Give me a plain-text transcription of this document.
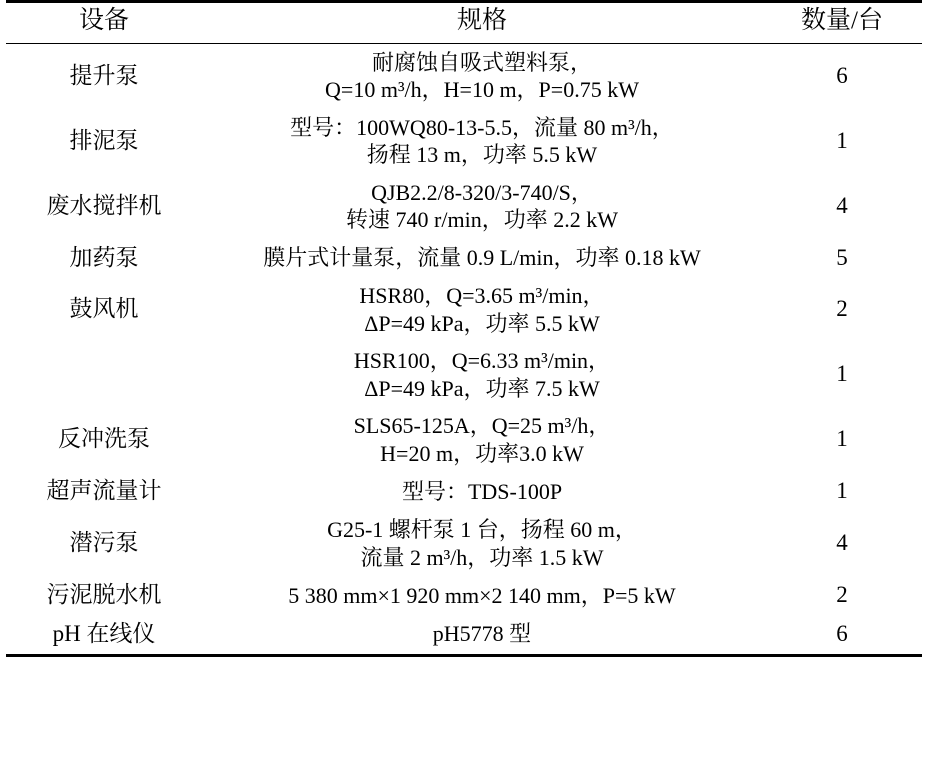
设备	规格	数量/台
提升泵	耐腐蚀自吸式塑料泵，
Q=10 m³/h，H=10 m，P=0.75 kW	6
排泥泵	型号：100WQ80-13-5.5，流量 80 m³/h，
扬程 13 m，功率 5.5 kW	1
废水搅拌机	QJB2.2/8-320/3-740/S，
转速 740 r/min，功率 2.2 kW	4
加药泵	膜片式计量泵，流量 0.9 L/min，功率 0.18 kW	5
鼓风机	HSR80，Q=3.65 m³/min，
ΔP=49 kPa，功率 5.5 kW	2

	HSR100，Q=6.33 m³/min，
ΔP=49 kPa，功率 7.5 kW	1
反冲洗泵	SLS65-125A，Q=25 m³/h，
H=20 m，功率3.0 kW	1
超声流量计	型号：TDS-100P	1
潜污泵	G25-1 螺杆泵 1 台，扬程 60 m，
流量 2 m³/h，功率 1.5 kW	4
污泥脱水机	5 380 mm×1 920 mm×2 140 mm，P=5 kW	2
pH 在线仪	pH5778 型	6
